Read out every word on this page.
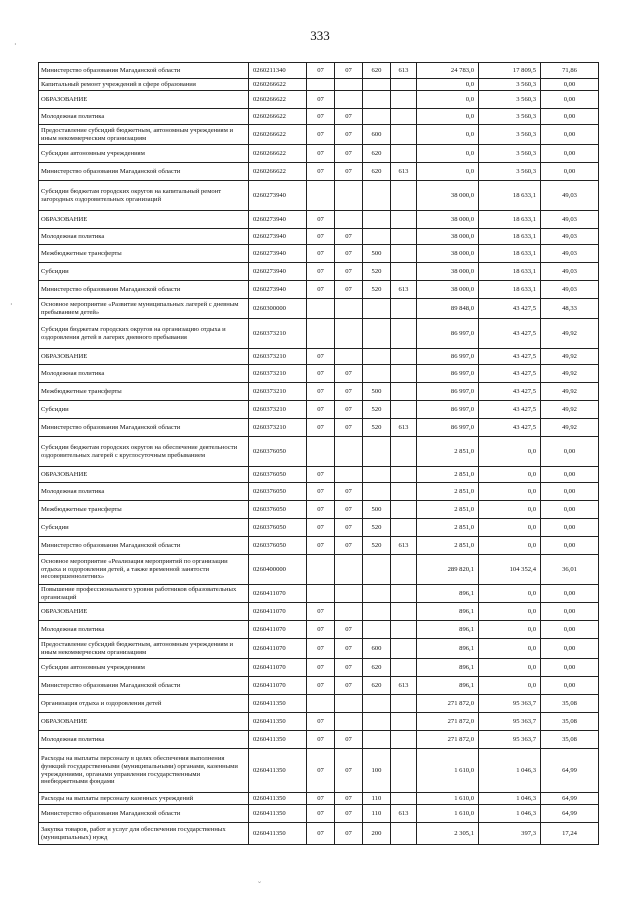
333
·
·
Министерство образования Магаданской области	0260211340	07	07	620	613	24 783,0	17 809,5	71,86
Капитальный ремонт учреждений в сфере образования	0260266622					0,0	3 560,3	0,00
ОБРАЗОВАНИЕ	0260266622	07				0,0	3 560,3	0,00
Молодежная политика	0260266622	07	07			0,0	3 560,3	0,00
Предоставление субсидий бюджетным, автономным учреждениям и иным некоммерческим организациям	0260266622	07	07	600		0,0	3 560,3	0,00
Субсидии автономным учреждениям	0260266622	07	07	620		0,0	3 560,3	0,00
Министерство образования Магаданской области	0260266622	07	07	620	613	0,0	3 560,3	0,00
Субсидии бюджетам городских округов на капитальный ремонт загородных оздоровительных организаций	0260273940					38 000,0	18 633,1	49,03
ОБРАЗОВАНИЕ	0260273940	07				38 000,0	18 633,1	49,03
Молодежная политика	0260273940	07	07			38 000,0	18 633,1	49,03
Межбюджетные трансферты	0260273940	07	07	500		38 000,0	18 633,1	49,03
Субсидии	0260273940	07	07	520		38 000,0	18 633,1	49,03
Министерство образования Магаданской области	0260273940	07	07	520	613	38 000,0	18 633,1	49,03
Основное мероприятие «Развитие муниципальных лагерей с дневным пребыванием детей»	0260300000					89 848,0	43 427,5	48,33
Субсидия бюджетам городских округов на организацию отдыха и оздоровления детей в лагерях дневного пребывания	0260373210					86 997,0	43 427,5	49,92
ОБРАЗОВАНИЕ	0260373210	07				86 997,0	43 427,5	49,92
Молодежная политика	0260373210	07	07			86 997,0	43 427,5	49,92
Межбюджетные трансферты	0260373210	07	07	500		86 997,0	43 427,5	49,92
Субсидии	0260373210	07	07	520		86 997,0	43 427,5	49,92
Министерство образования Магаданской области	0260373210	07	07	520	613	86 997,0	43 427,5	49,92
Субсидии бюджетам городских округов на обеспечение деятельности оздоровительных лагерей с круглосуточным пребыванием	0260376050					2 851,0	0,0	0,00
ОБРАЗОВАНИЕ	0260376050	07				2 851,0	0,0	0,00
Молодежная политика	0260376050	07	07			2 851,0	0,0	0,00
Межбюджетные трансферты	0260376050	07	07	500		2 851,0	0,0	0,00
Субсидии	0260376050	07	07	520		2 851,0	0,0	0,00
Министерство образования Магаданской области	0260376050	07	07	520	613	2 851,0	0,0	0,00
Основное мероприятие «Реализация мероприятий по организации отдыха и оздоровления детей, а также временной занятости несовершеннолетних»	0260400000					289 820,1	104 352,4	36,01
Повышение профессионального уровня работников образовательных организаций	0260411070					896,1	0,0	0,00
ОБРАЗОВАНИЕ	0260411070	07				896,1	0,0	0,00
Молодежная политика	0260411070	07	07			896,1	0,0	0,00
Предоставление субсидий бюджетным, автономным учреждениям и иным некоммерческим организациям	0260411070	07	07	600		896,1	0,0	0,00
Субсидии автономным учреждениям	0260411070	07	07	620		896,1	0,0	0,00
Министерство образования Магаданской области	0260411070	07	07	620	613	896,1	0,0	0,00
Организация отдыха и оздоровления детей	0260411350					271 872,0	95 363,7	35,08
ОБРАЗОВАНИЕ	0260411350	07				271 872,0	95 363,7	35,08
Молодежная политика	0260411350	07	07			271 872,0	95 363,7	35,08
Расходы на выплаты персоналу в целях обеспечения выполнения функций государственными (муниципальными) органами, казенными учреждениями, органами управления государственными внебюджетными фондами	0260411350	07	07	100		1 610,0	1 046,3	64,99
Расходы на выплаты персоналу казенных учреждений	0260411350	07	07	110		1 610,0	1 046,3	64,99
Министерство образования Магаданской области	0260411350	07	07	110	613	1 610,0	1 046,3	64,99
Закупка товаров, работ и услуг для обеспечения государственных (муниципальных) нужд	0260411350	07	07	200		2 305,1	397,3	17,24
˘
